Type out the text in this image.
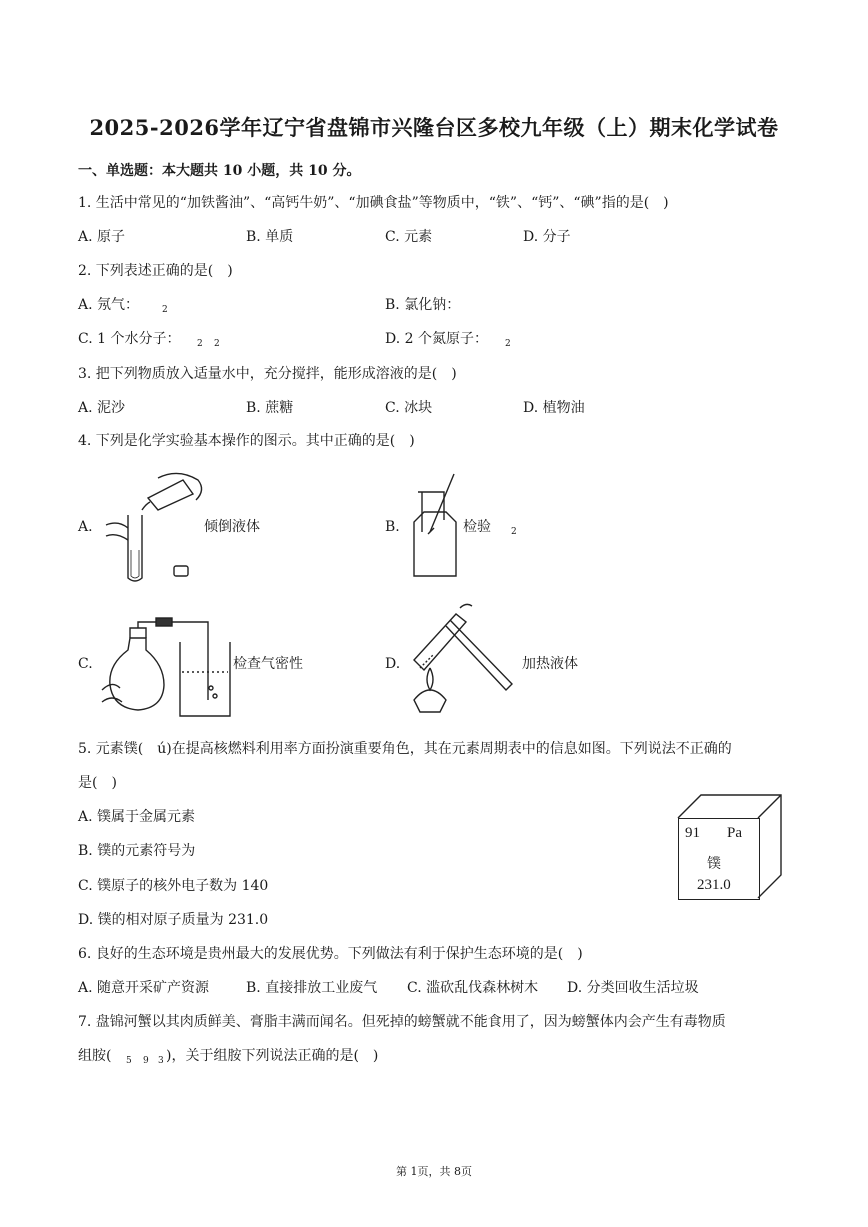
2025-2026学年辽宁省盘锦市兴隆台区多校九年级（上）期末化学试卷
一、单选题：本大题共 10 小题，共 10 分。
1. 生活中常见的“加铁酱油”、“高钙牛奶”、“加碘食盐”等物质中，“铁”、“钙”、“碘”指的是(　)
A. 原子	B. 单质	C. 元素	D. 分子
2. 下列表述正确的是(　)
A. 氖气：	2	B. 氯化钠：
C. 1 个水分子： 2 2	D. 2 个氮原子： 2
3. 把下列物质放入适量水中，充分搅拌，能形成溶液的是(　)
A. 泥沙	B. 蔗糖	C. 冰块	D. 植物油
4. 下列是化学实验基本操作的图示。其中正确的是(　)
A.	倾倒液体	B.	检验 2
C.	检查气密性	D.	加热液体
5. 元素镤(　ú)在提高核燃料利用率方面扮演重要角色，其在元素周期表中的信息如图。下列说法不正确的
是(　)
A. 镤属于金属元素
B. 镤的元素符号为
C. 镤原子的核外电子数为 140
D. 镤的相对原子质量为 231.0
91 Pa
镤
231.0
6. 良好的生态环境是贵州最大的发展优势。下列做法有利于保护生态环境的是(　)
A. 随意开采矿产资源	B. 直接排放工业废气 C. 滥砍乱伐森林树木 D. 分类回收生活垃圾
7. 盘锦河蟹以其肉质鲜美、膏脂丰满而闻名。但死掉的螃蟹就不能食用了，因为螃蟹体内会产生有毒物质
组胺( 5 9 3 )，关于组胺下列说法正确的是(　)
第 1页，共 8页
